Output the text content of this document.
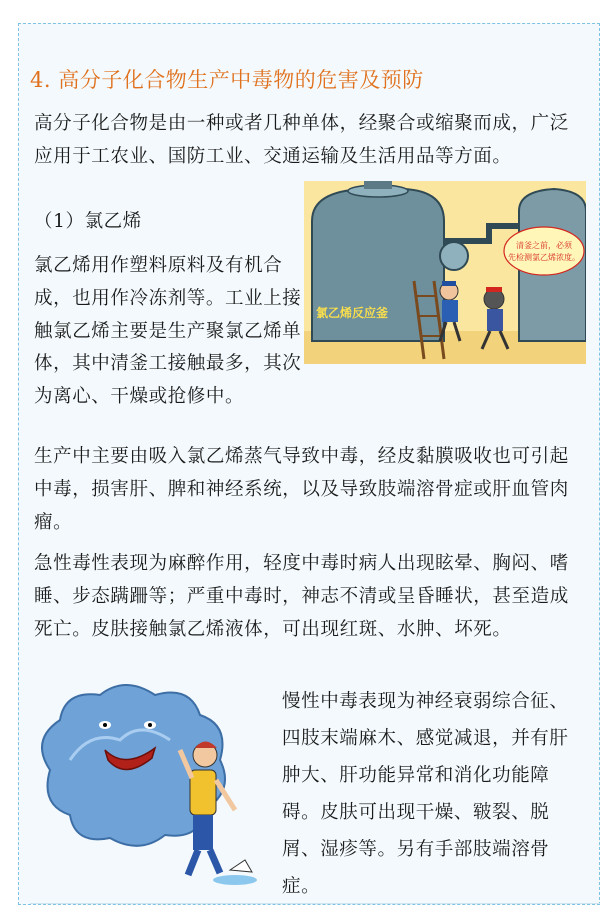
4. 高分子化合物生产中毒物的危害及预防

高分子化合物是由一种或者几种单体，经聚合或缩聚而成，广泛应用于工农业、国防工业、交通运输及生活用品等方面。

（1）氯乙烯

氯乙烯用作塑料原料及有机合成，也用作冷冻剂等。工业上接触氯乙烯主要是生产聚氯乙烯单体，其中清釜工接触最多，其次为离心、干燥或抢修中。

清釜之前，必须
先检测氯乙烯浓度。
氯乙烯反应釜

生产中主要由吸入氯乙烯蒸气导致中毒，经皮黏膜吸收也可引起中毒，损害肝、脾和神经系统，以及导致肢端溶骨症或肝血管肉瘤。

急性毒性表现为麻醉作用，轻度中毒时病人出现眩晕、胸闷、嗜睡、步态蹒跚等；严重中毒时，神志不清或呈昏睡状，甚至造成死亡。皮肤接触氯乙烯液体，可出现红斑、水肿、坏死。

慢性中毒表现为神经衰弱综合征、四肢末端麻木、感觉减退，并有肝肿大、肝功能异常和消化功能障碍。皮肤可出现干燥、皲裂、脱屑、湿疹等。另有手部肢端溶骨症。
